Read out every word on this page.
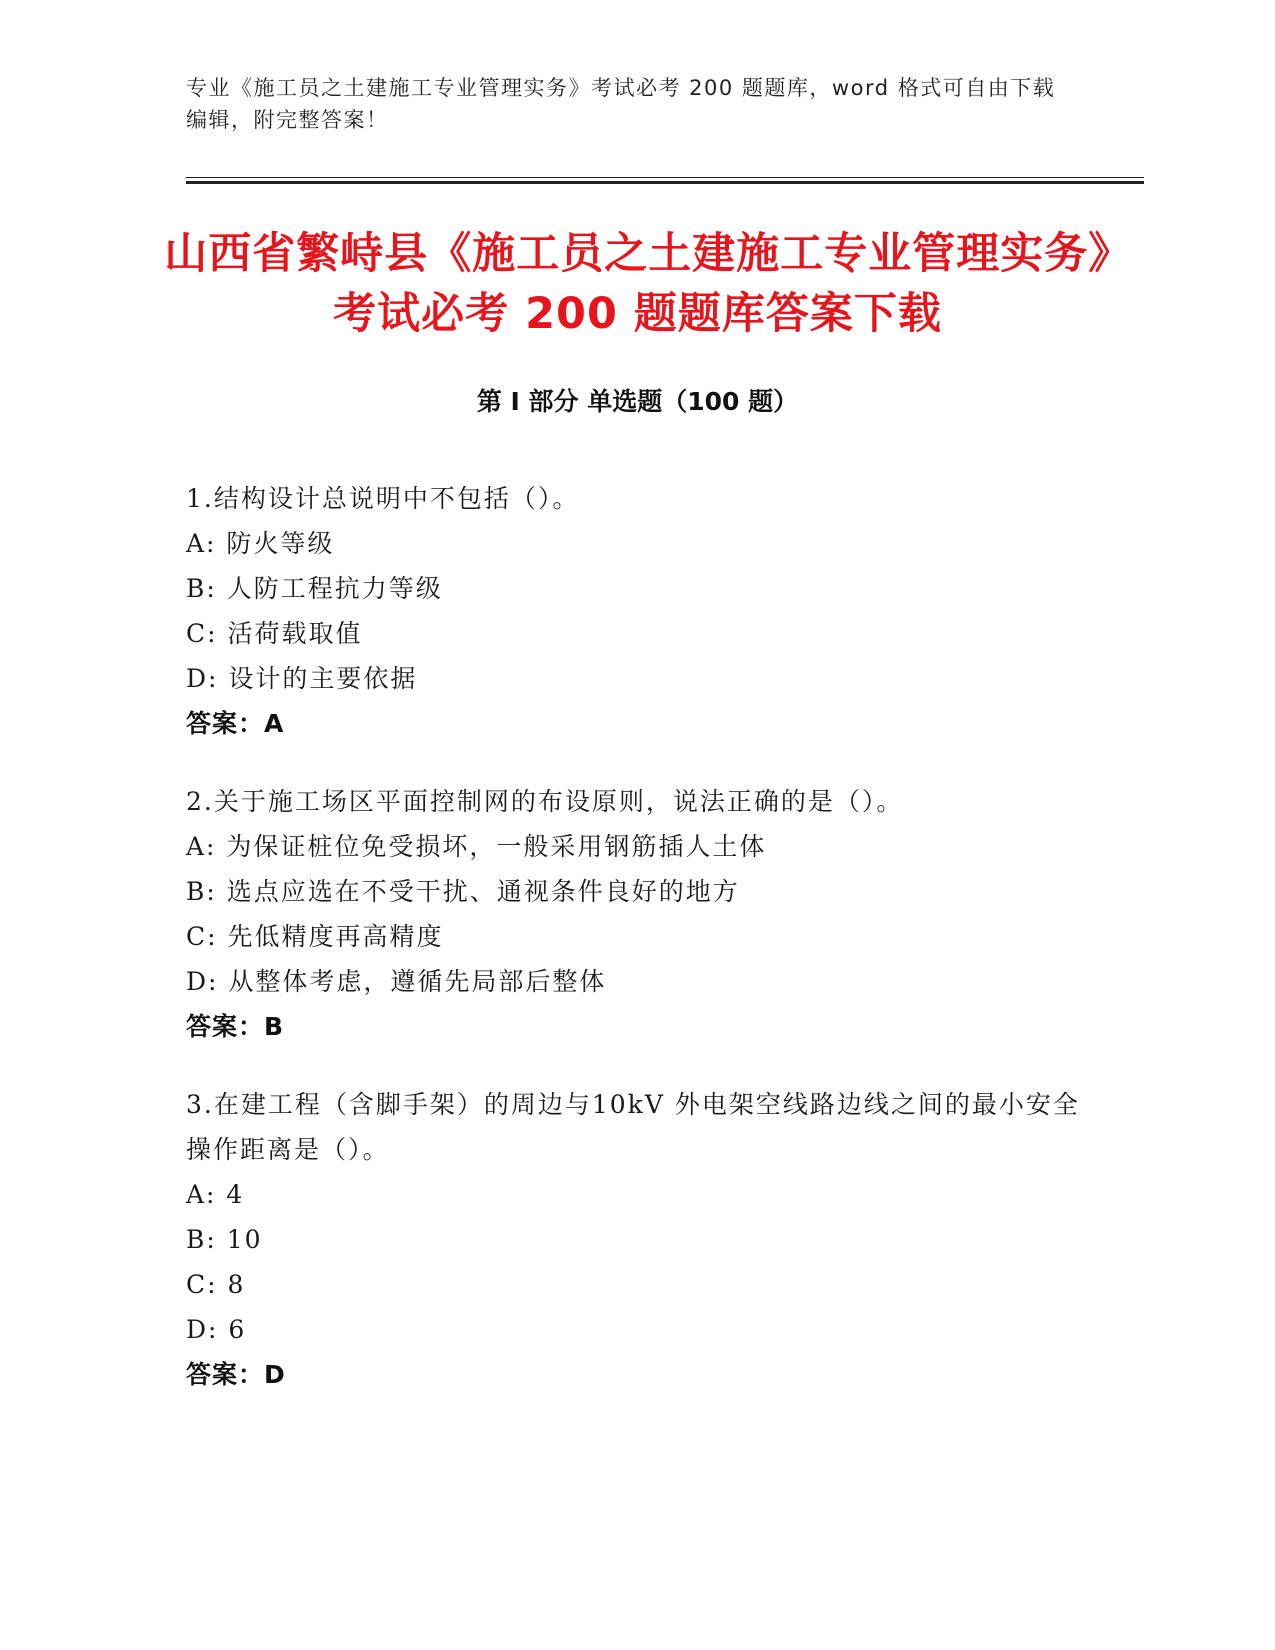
专业《施工员之土建施工专业管理实务》考试必考 200 题题库，word 格式可自由下载编辑，附完整答案！
山西省繁峙县《施工员之土建施工专业管理实务》考试必考 200 题题库答案下载
第 I 部分 单选题（100 题）
1.结构设计总说明中不包括（）。
A: 防火等级
B: 人防工程抗力等级
C: 活荷载取值
D: 设计的主要依据
答案：A
2.关于施工场区平面控制网的布设原则，说法正确的是（）。
A: 为保证桩位免受损坏，一般采用钢筋插人土体
B: 选点应选在不受干扰、通视条件良好的地方
C: 先低精度再高精度
D: 从整体考虑，遵循先局部后整体
答案：B
3.在建工程（含脚手架）的周边与10kV 外电架空线路边线之间的最小安全操作距离是（）。
A: 4
B: 10
C: 8
D: 6
答案：D
